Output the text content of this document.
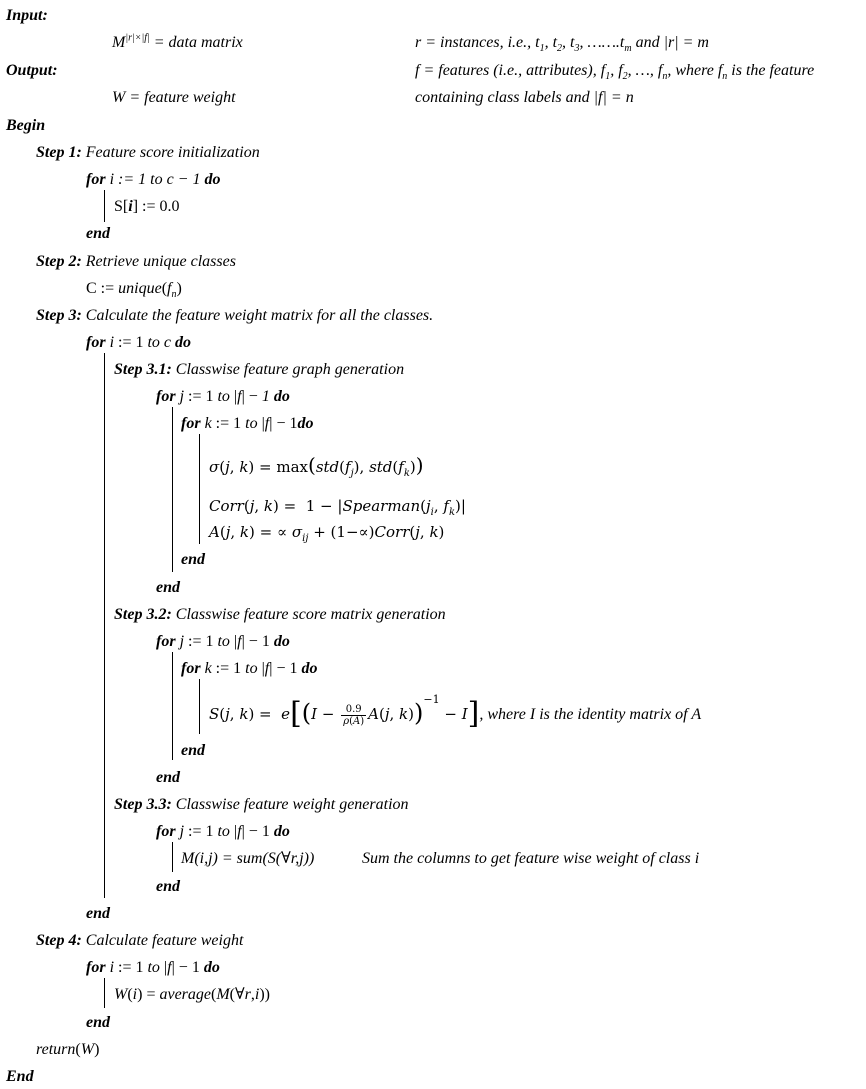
Input:
$M^{|r|\times|f|}$ = data matrix	r = instances, i.e., $t_1$, $t_2$, $t_3$, $\dots\dots.t_m$ and |r| = m
Output:	f = features (i.e., attributes), $f_1$, $f_2$, …, $f_n$, where $f_n$ is the feature
W = feature weight	containing class labels and |f| = n
Begin
Step 1: Feature score initialization
for i := 1 to c − 1 do
S[i] := 0.0
end
Step 2: Retrieve unique classes
C := $unique(f_n)$
Step 3: Calculate the feature weight matrix for all the classes.
for i := 1 to c do
Step 3.1: Classwise feature graph generation
for j := 1 to |f| − 1 do
for k := 1 to |f| − 1do
σ(j, $k) = \max(std(f_j)$, $std(f_k)$)
Corr(j, $k) = 1 - |Spearman(j_i$, $f_k)|$
A(j, k) = ∝ $\sigma_{ij}$ + (1−∝)Corr(j, k)
end
end
Step 3.2: Classwise feature score matrix generation
for j := 1 to |f| − 1 do
for k := 1 to |f| − 1 do
S(j, $k) = e[(I - \frac{0.9}{\rho(A)} A(j$, k))$^{-1}$ − I], where I is the identity matrix of A
end
end
Step 3.3: Classwise feature weight generation
for j := 1 to |f| − 1 do
M(i,j) = sum(S(∀r,j))	Sum the columns to get feature wise weight of class i
end
end
Step 4: Calculate feature weight
for i := 1 to |f| − 1 do
W(i) = average(M(∀r,i))
end
return(W)
End
